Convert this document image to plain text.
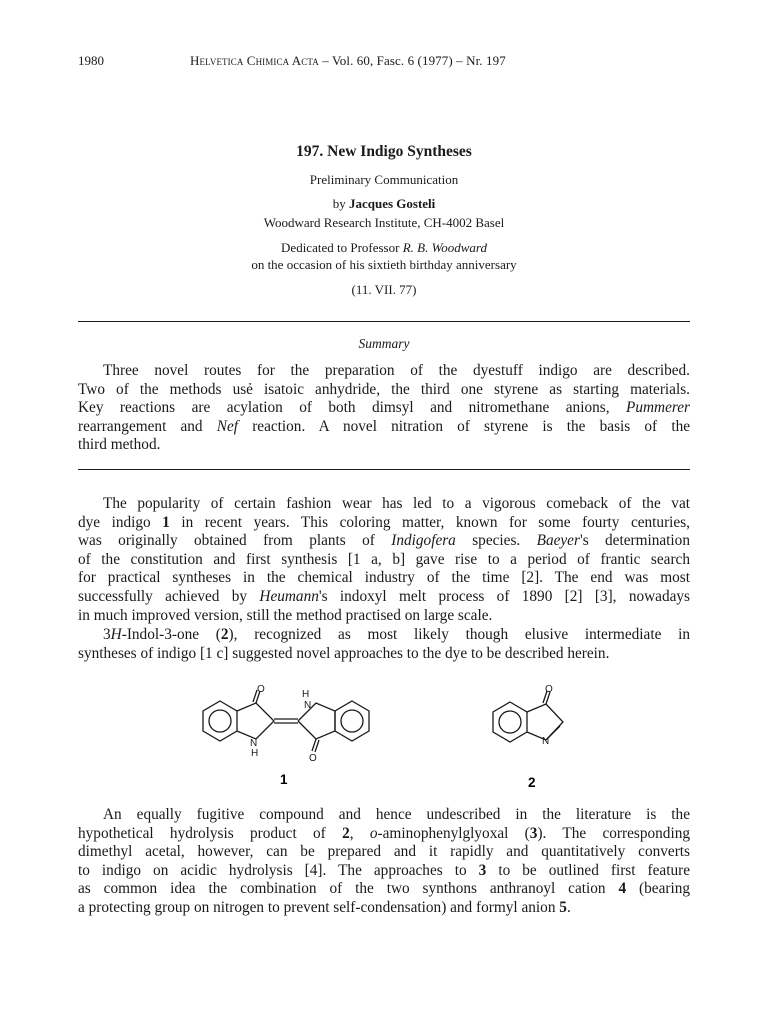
1980	Helvetica Chimica Acta – Vol. 60, Fasc. 6 (1977) – Nr. 197
197. New Indigo Syntheses
Preliminary Communication
by Jacques Gosteli
Woodward Research Institute, CH-4002 Basel
Dedicated to Professor R. B. Woodward
on the occasion of his sixtieth birthday anniversary
(11. VII. 77)
Summary
Three novel routes for the preparation of the dyestuff indigo are described.
Two of the methods usẻ isatoic anhydride, the third one styrene as starting materials.
Key reactions are acylation of both dimsyl and nitromethane anions, Pummerer
rearrangement and Nef reaction. A novel nitration of styrene is the basis of the
third method.
The popularity of certain fashion wear has led to a vigorous comeback of the vat
dye indigo 1 in recent years. This coloring matter, known for some fourty centuries,
was originally obtained from plants of Indigofera species. Baeyer's determination
of the constitution and first synthesis [1 a, b] gave rise to a period of frantic search
for practical syntheses in the chemical industry of the time [2]. The end was most
successfully achieved by Heumann's indoxyl melt process of 1890 [2] [3], nowadays
in much improved version, still the method practised on large scale.
3H-Indol-3-one (2), recognized as most likely though elusive intermediate in
syntheses of indigo [1 c] suggested novel approaches to the dye to be described herein.
O	H
N
N
H	O
O
N
1	2
An equally fugitive compound and hence undescribed in the literature is the
hypothetical hydrolysis product of 2, o-aminophenylglyoxal (3). The corresponding
dimethyl acetal, however, can be prepared and it rapidly and quantitatively converts
to indigo on acidic hydrolysis [4]. The approaches to 3 to be outlined first feature
as common idea the combination of the two synthons anthranoyl cation 4 (bearing
a protecting group on nitrogen to prevent self-condensation) and formyl anion 5.
